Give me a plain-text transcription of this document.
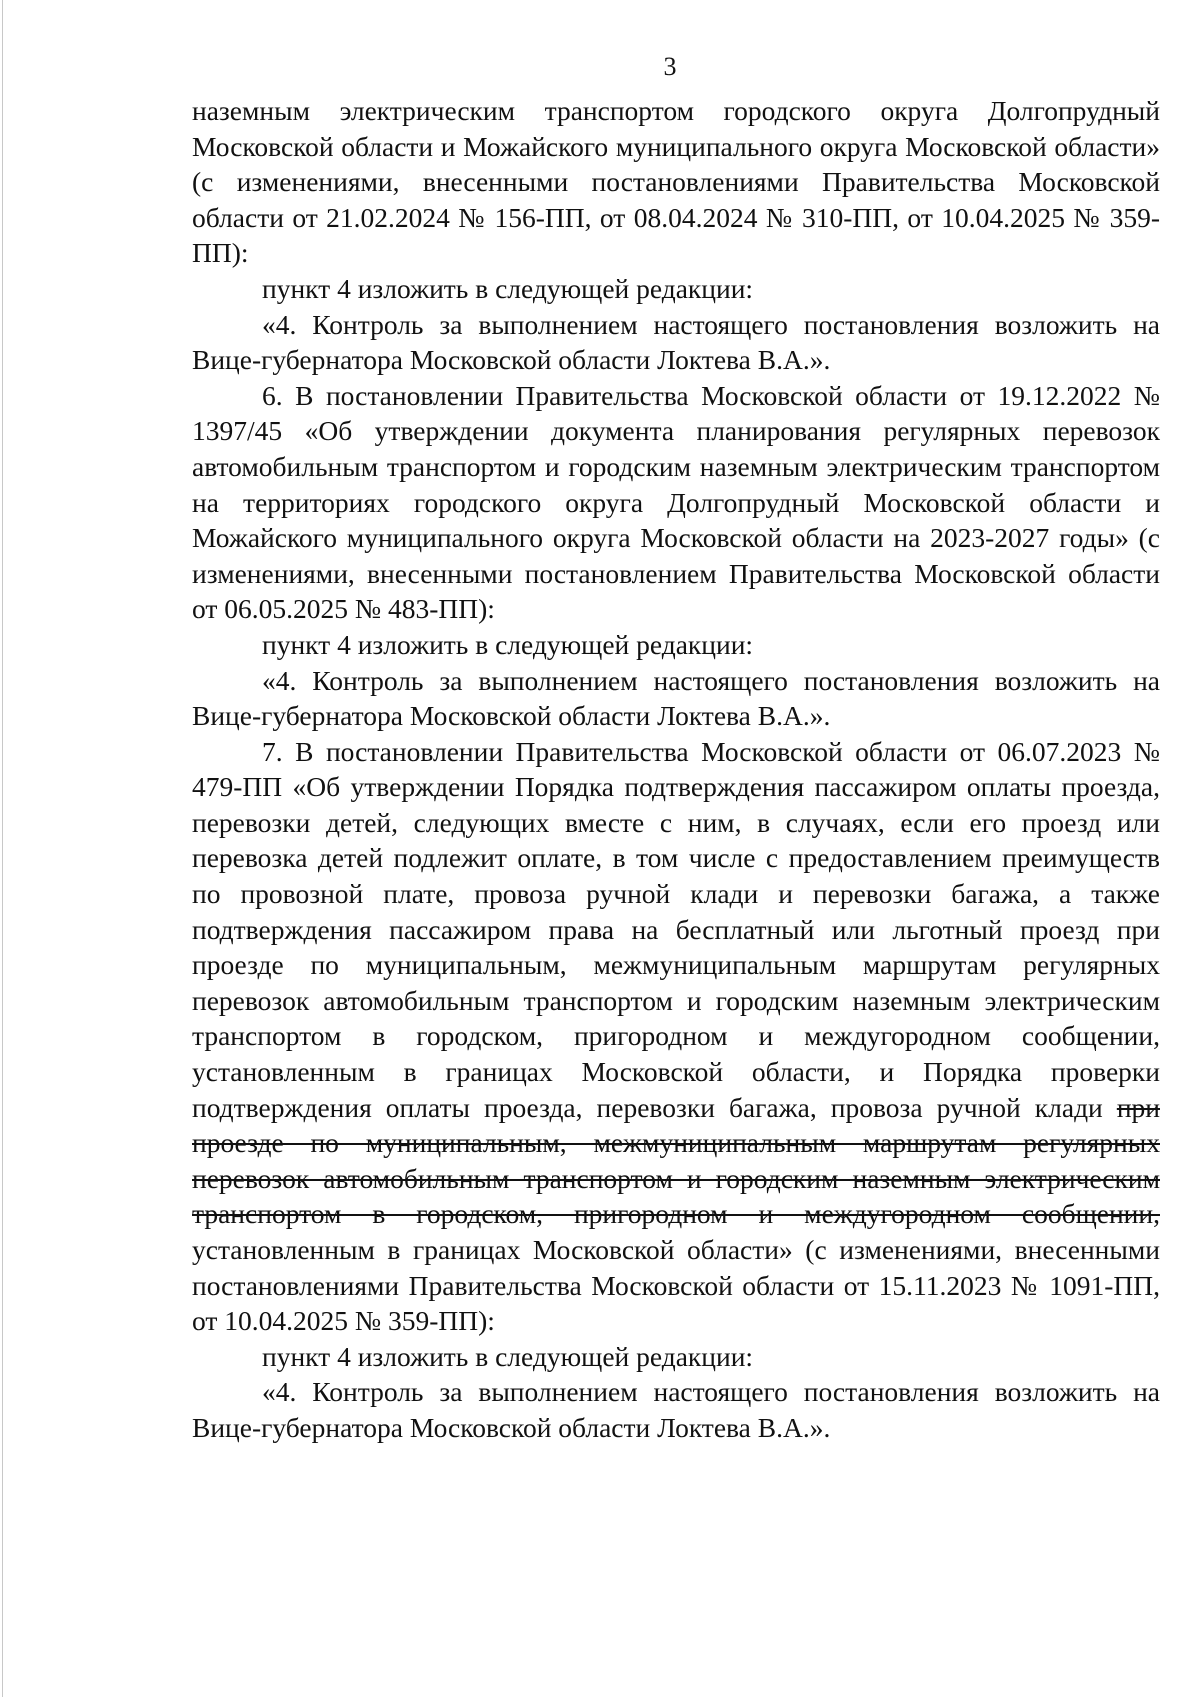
3

наземным электрическим транспортом городского округа Долгопрудный Московской области и Можайского муниципального округа Московской области» (с изменениями, внесенными постановлениями Правительства Московской области от 21.02.2024 № 156-ПП, от 08.04.2024 № 310-ПП, от 10.04.2025 № 359-ПП):

пункт 4 изложить в следующей редакции:

«4. Контроль за выполнением настоящего постановления возложить на Вице-губернатора Московской области Локтева В.А.».

6. В постановлении Правительства Московской области от 19.12.2022 № 1397/45 «Об утверждении документа планирования регулярных перевозок автомобильным транспортом и городским наземным электрическим транспортом на территориях городского округа Долгопрудный Московской области и Можайского муниципального округа Московской области на 2023-2027 годы» (с изменениями, внесенными постановлением Правительства Московской области от 06.05.2025 № 483-ПП):

пункт 4 изложить в следующей редакции:

«4. Контроль за выполнением настоящего постановления возложить на Вице-губернатора Московской области Локтева В.А.».

7. В постановлении Правительства Московской области от 06.07.2023 № 479-ПП «Об утверждении Порядка подтверждения пассажиром оплаты проезда, перевозки детей, следующих вместе с ним, в случаях, если его проезд или перевозка детей подлежит оплате, в том числе с предоставлением преимуществ по провозной плате, провоза ручной клади и перевозки багажа, а также подтверждения пассажиром права на бесплатный или льготный проезд при проезде по муниципальным, межмуниципальным маршрутам регулярных перевозок автомобильным транспортом и городским наземным электрическим транспортом в городском, пригородном и междугородном сообщении, установленным в границах Московской области, и Порядка проверки подтверждения оплаты проезда, перевозки багажа, провоза ручной клади при проезде по муниципальным, межмуниципальным маршрутам регулярных перевозок автомобильным транспортом и городским наземным электрическим транспортом в городском, пригородном и междугородном сообщении, установленным в границах Московской области» (с изменениями, внесенными постановлениями Правительства Московской области от 15.11.2023 № 1091-ПП, от 10.04.2025 № 359-ПП):

пункт 4 изложить в следующей редакции:

«4. Контроль за выполнением настоящего постановления возложить на Вице-губернатора Московской области Локтева В.А.».
